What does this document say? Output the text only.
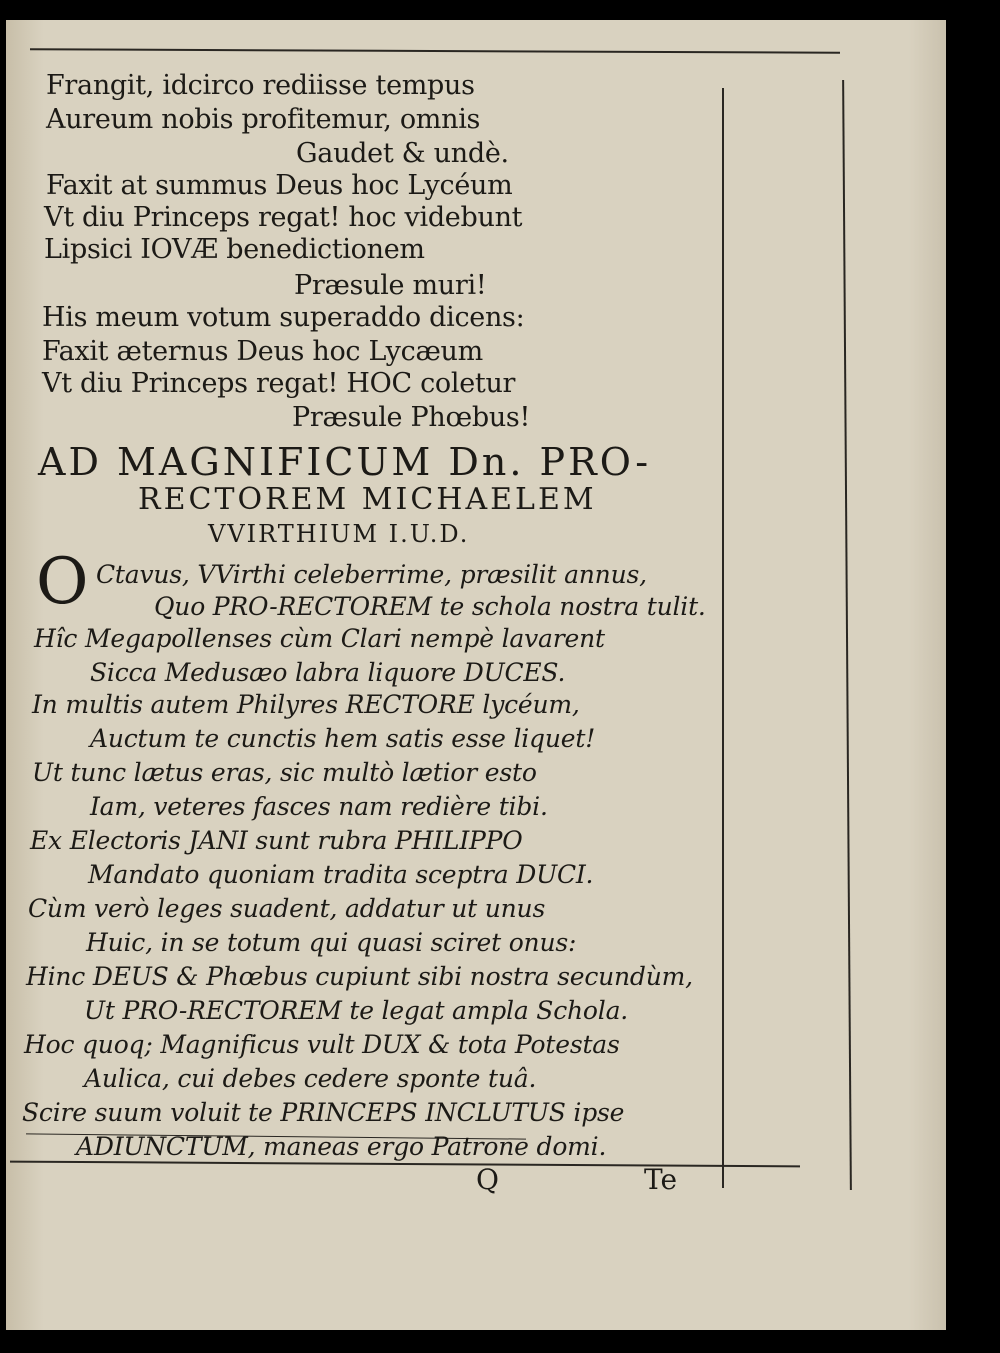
Frangit, idcirco rediisse tempus
Aureum nobis profitemur, omnis
Gaudet & undè.
Faxit at summus Deus hoc Lycéum
Vt diu Princeps regat! hoc videbunt
Lipsici IOVÆ benedictionem
Præsule muri!
His meum votum superaddo dicens:
Faxit æternus Deus hoc Lycæum
Vt diu Princeps regat! HOC coletur
Præsule Phœbus!
AD MAGNIFICUM Dn. PRO-
RECTOREM MICHAELEM
VVIRTHIUM I.U.D.
O Ctavus, VVirthi celeberrime, præsilit annus,
Quo PRO-RECTOREM te schola nostra tulit.
Hîc Megapollenses cùm Clari nempè lavarent
Sicca Medusæo labra liquore DUCES.
In multis autem Philyres RECTORE lycéum,
Auctum te cunctis hem satis esse liquet!
Ut tunc lætus eras, sic multò lætior esto
Iam, veteres fasces nam redière tibi.
Ex Electoris JANI sunt rubra PHILIPPO
Mandato quoniam tradita sceptra DUCI.
Cùm verò leges suadent, addatur ut unus
Huic, in se totum qui quasi sciret onus:
Hinc DEUS & Phœbus cupiunt sibi nostra secundùm,
Ut PRO-RECTOREM te legat ampla Schola.
Hoc quoq; Magnificus vult DUX & tota Potestas
Aulica, cui debes cedere sponte tuâ.
Scire suum voluit te PRINCEPS INCLUTUS ipse
ADIUNCTUM, maneas ergo Patrone domi.
Q	Te
